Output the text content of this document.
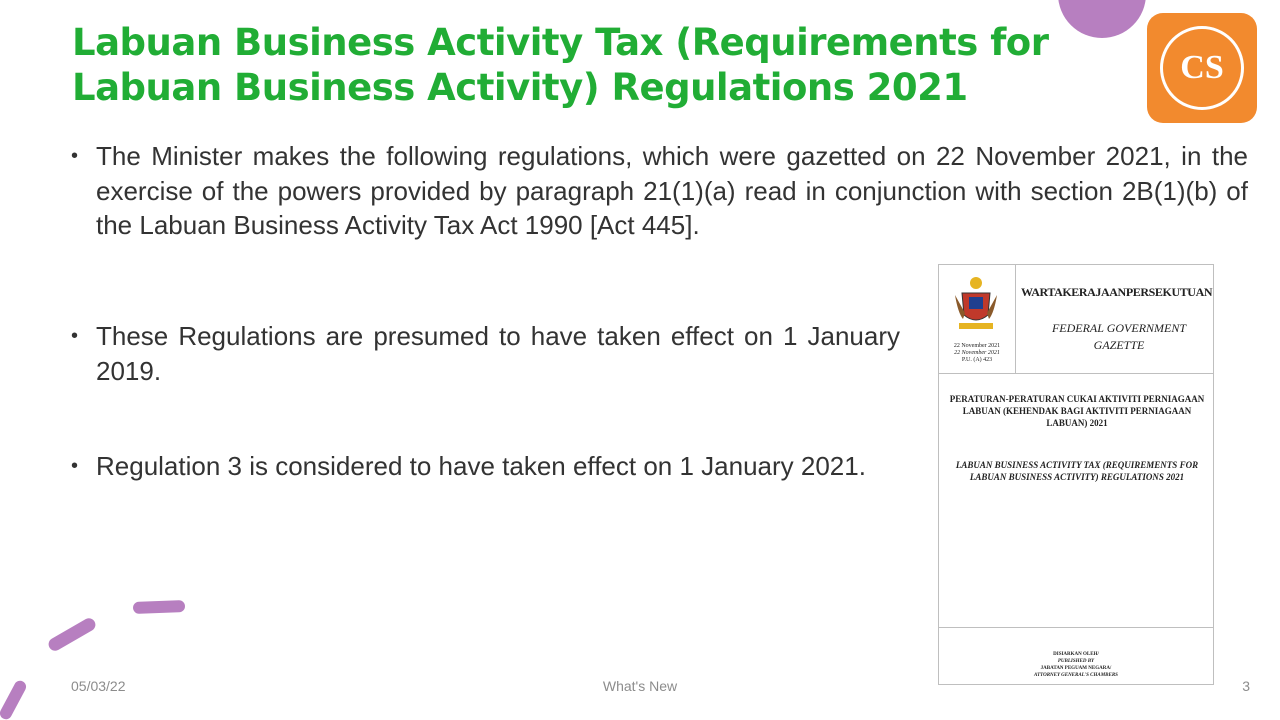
CS
Labuan Business Activity Tax (Requirements for Labuan Business Activity) Regulations 2021
• The Minister makes the following regulations, which were gazetted on 22 November 2021, in the exercise of the powers provided by paragraph 21(1)(a) read in conjunction with section 2B(1)(b) of the Labuan Business Activity Tax Act 1990 [Act 445].
• These Regulations are presumed to have taken effect on 1 January 2019.
• Regulation 3 is considered to have taken effect on 1 January 2021.
22 November 2021
22 November 2021
P.U. (A) 423
WARTAKERAJAANPERSEKUTUAN
FEDERAL GOVERNMENT
GAZETTE
PERATURAN-PERATURAN CUKAI AKTIVITI PERNIAGAAN LABUAN (KEHENDAK BAGI AKTIVITI PERNIAGAAN LABUAN) 2021
LABUAN BUSINESS ACTIVITY TAX (REQUIREMENTS FOR LABUAN BUSINESS ACTIVITY) REGULATIONS 2021
DISIARKAN OLEH/
PUBLISHED BY
JABATAN PEGUAM NEGARA/
ATTORNEY GENERAL'S CHAMBERS
05/03/22	What's New	3
